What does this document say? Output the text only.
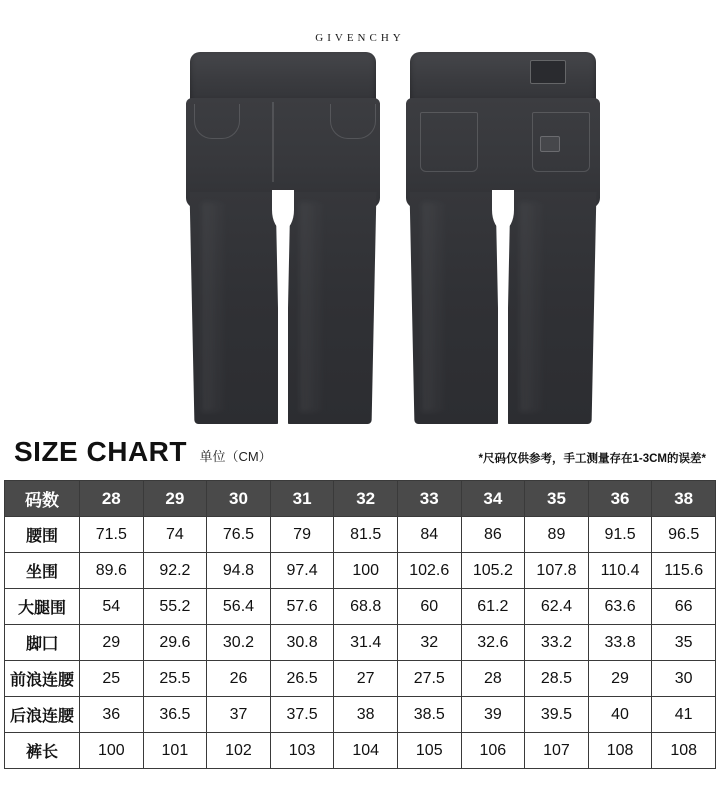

GIVENCHY
SIZE CHART 单位（CM）	*尺码仅供参考，手工测量存在1-3CM的误差*
码数	28	29	30	31	32	33	34	35	36	38
腰围	71.5	74	76.5	79	81.5	84	86	89	91.5	96.5
坐围	89.6	92.2	94.8	97.4	100	102.6	105.2	107.8	110.4	115.6
大腿围	54	55.2	56.4	57.6	68.8	60	61.2	62.4	63.6	66
脚囗	29	29.6	30.2	30.8	31.4	32	32.6	33.2	33.8	35
前浪连腰	25	25.5	26	26.5	27	27.5	28	28.5	29	30
后浪连腰	36	36.5	37	37.5	38	38.5	39	39.5	40	41
裤长	100	101	102	103	104	105	106	107	108	108
